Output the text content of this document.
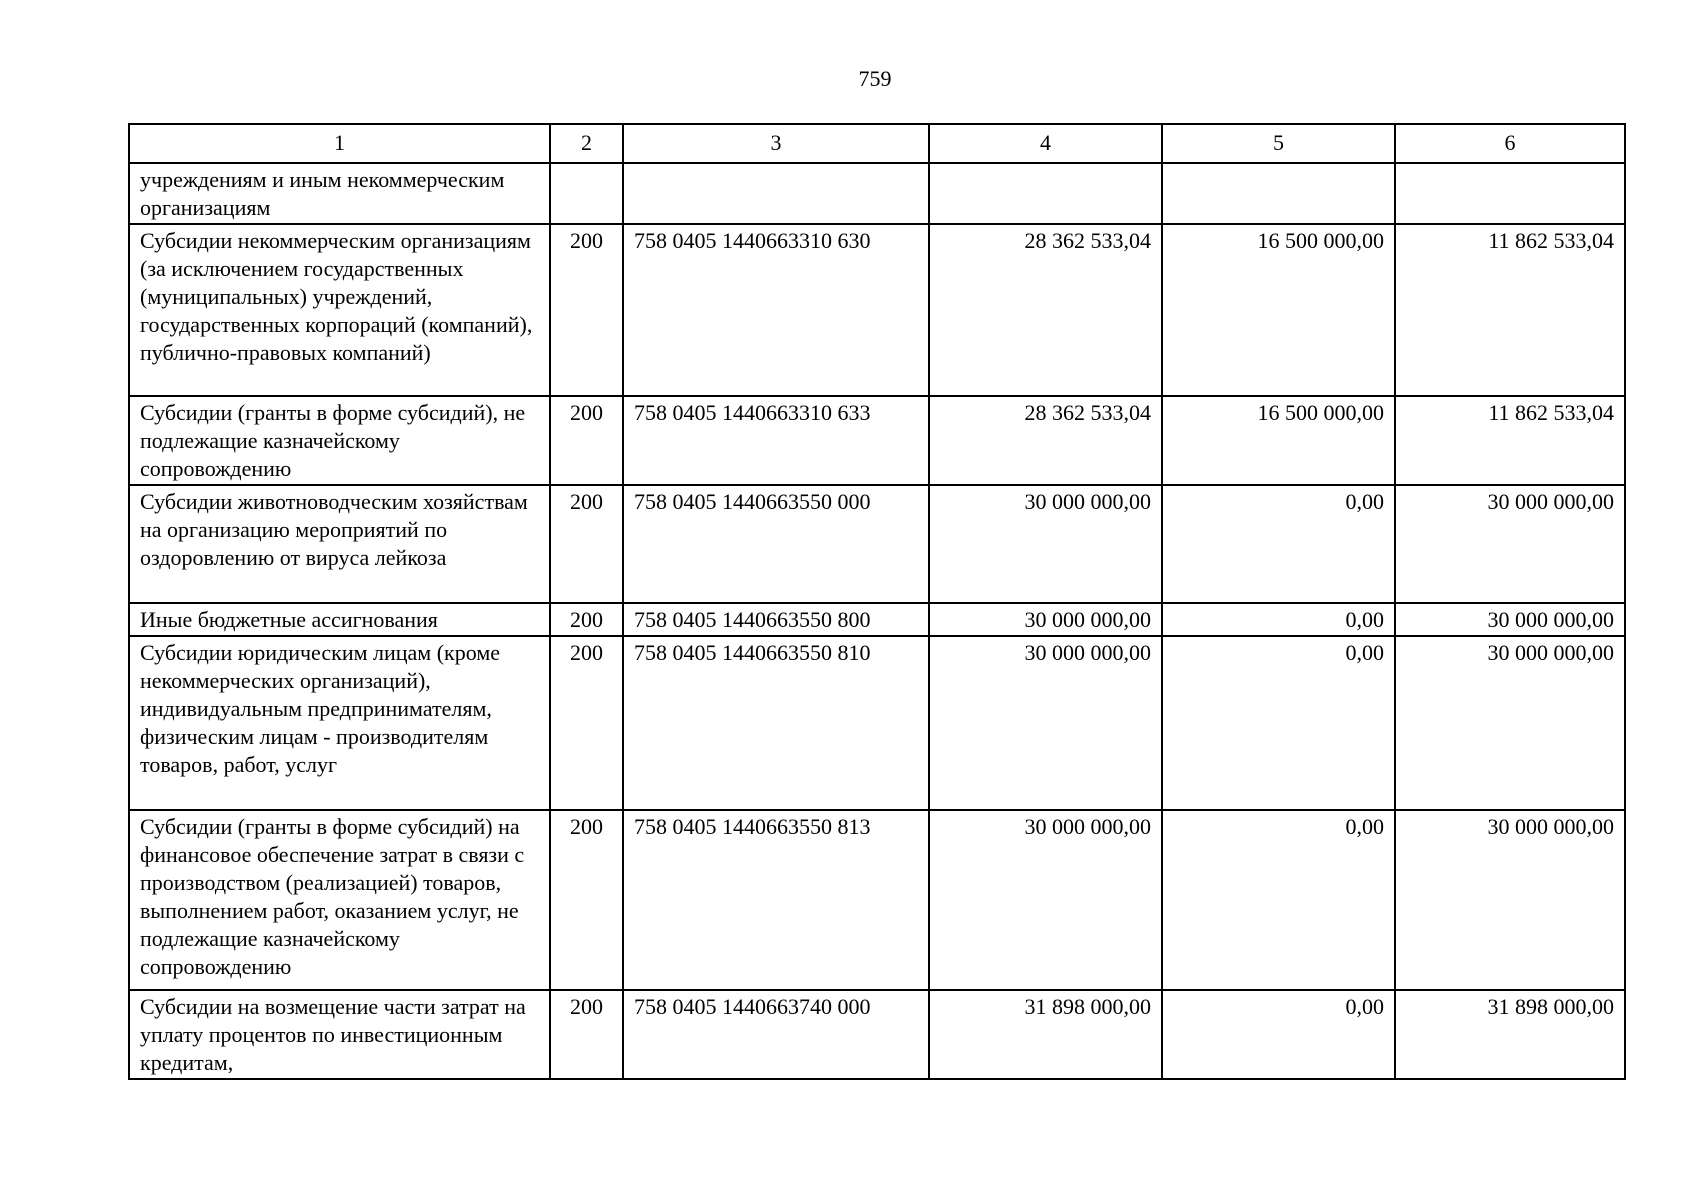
759
1	2	3	4	5	6
учреждениям и иным некоммерческим организациям					
Субсидии некоммерческим организациям (за исключением государственных (муниципальных) учреждений, государственных корпораций (компаний), публично-правовых компаний)	200	758 0405 1440663310 630	28 362 533,04	16 500 000,00	11 862 533,04
Субсидии (гранты в форме субсидий), не подлежащие казначейскому сопровождению	200	758 0405 1440663310 633	28 362 533,04	16 500 000,00	11 862 533,04
Субсидии животноводческим хозяйствам на организацию мероприятий по оздоровлению от вируса лейкоза	200	758 0405 1440663550 000	30 000 000,00	0,00	30 000 000,00
Иные бюджетные ассигнования	200	758 0405 1440663550 800	30 000 000,00	0,00	30 000 000,00
Субсидии юридическим лицам (кроме некоммерческих организаций), индивидуальным предпринимателям, физическим лицам - производителям товаров, работ, услуг	200	758 0405 1440663550 810	30 000 000,00	0,00	30 000 000,00
Субсидии (гранты в форме субсидий) на финансовое обеспечение затрат в связи с производством (реализацией) товаров, выполнением работ, оказанием услуг, не подлежащие казначейскому сопровождению	200	758 0405 1440663550 813	30 000 000,00	0,00	30 000 000,00
Субсидии на возмещение части затрат на уплату процентов по инвестиционным кредитам,	200	758 0405 1440663740 000	31 898 000,00	0,00	31 898 000,00
